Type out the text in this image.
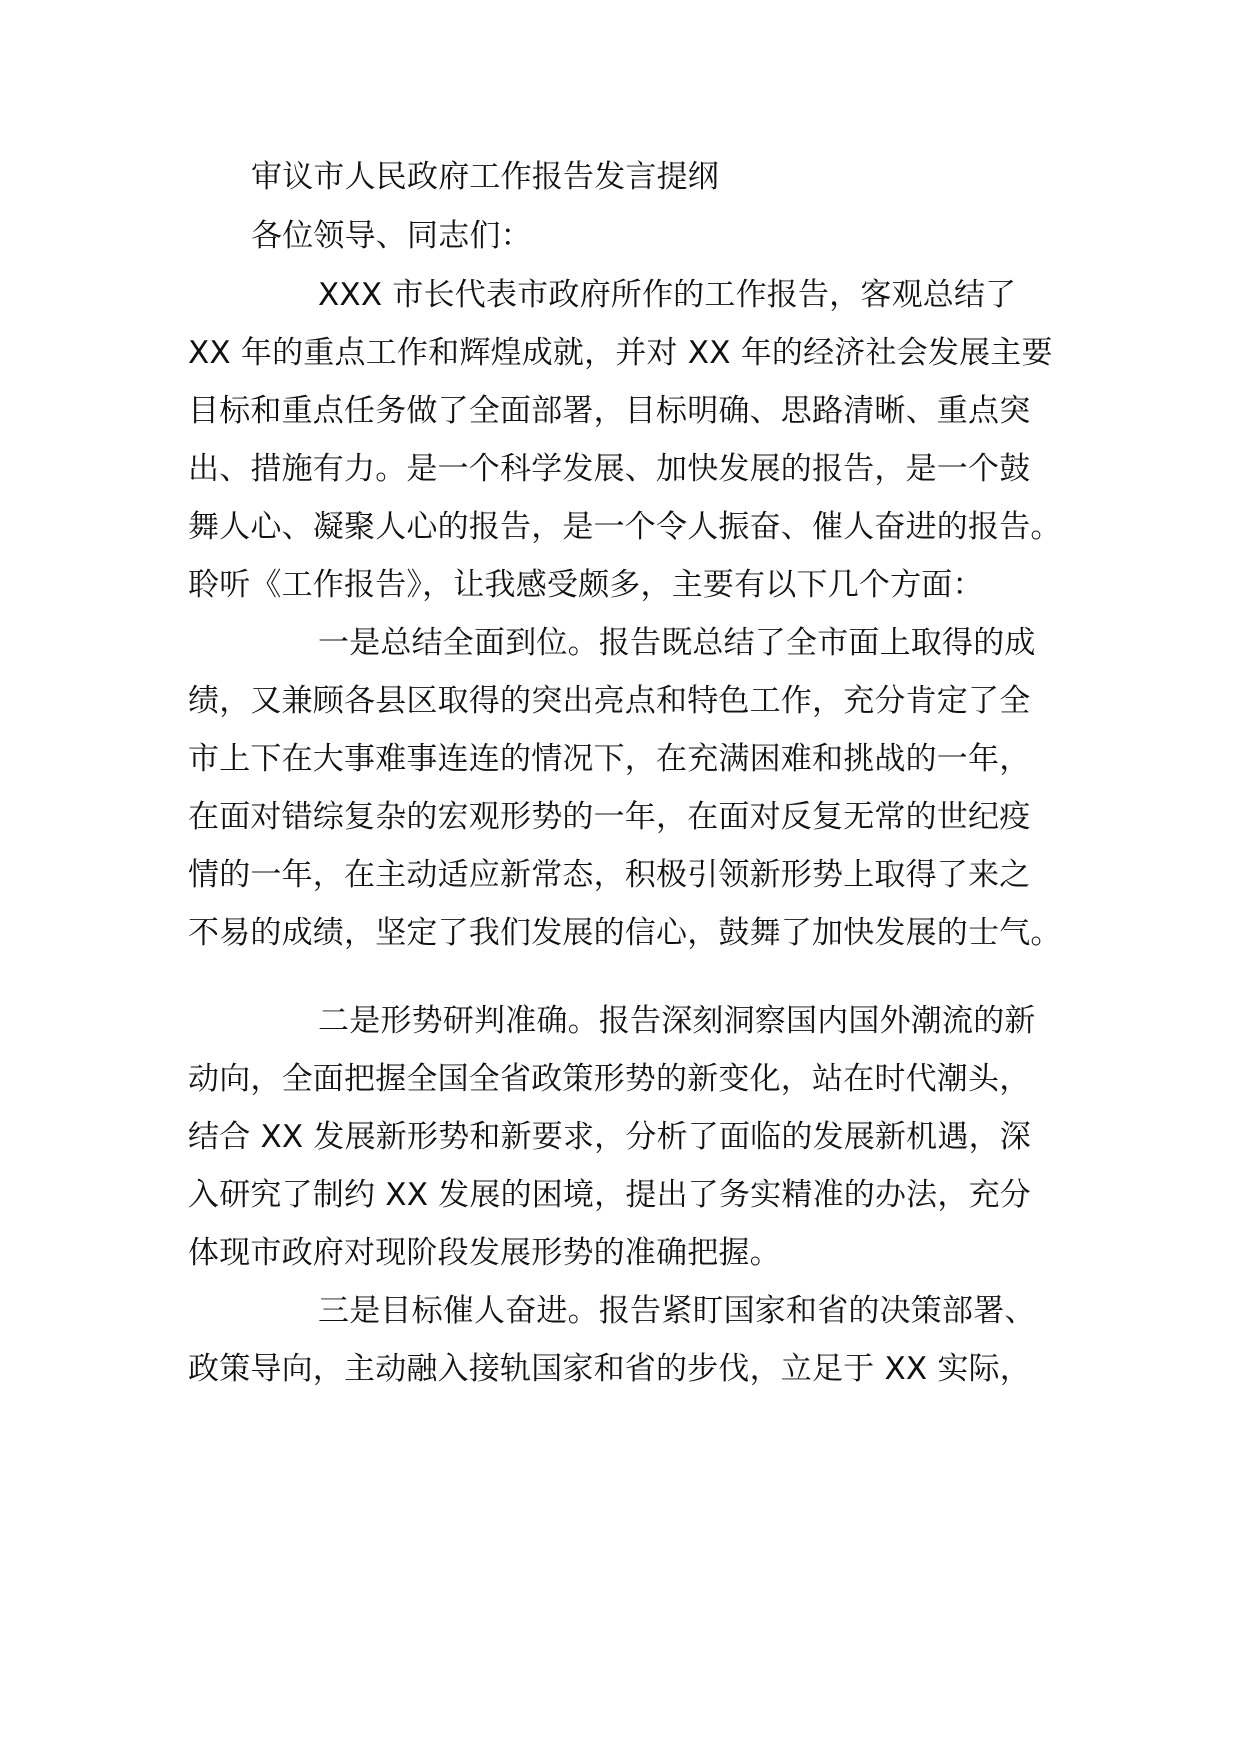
审议市人民政府工作报告发言提纲
各位领导、同志们：
XXX 市长代表市政府所作的工作报告，客观总结了
XX 年的重点工作和辉煌成就，并对 XX 年的经济社会发展主要
目标和重点任务做了全面部署，目标明确、思路清晰、重点突
出、措施有力。是一个科学发展、加快发展的报告，是一个鼓
舞人心、凝聚人心的报告，是一个令人振奋、催人奋进的报告。
聆听《工作报告》，让我感受颇多，主要有以下几个方面：
一是总结全面到位。报告既总结了全市面上取得的成
绩，又兼顾各县区取得的突出亮点和特色工作，充分肯定了全
市上下在大事难事连连的情况下，在充满困难和挑战的一年，
在面对错综复杂的宏观形势的一年，在面对反复无常的世纪疫
情的一年，在主动适应新常态，积极引领新形势上取得了来之
不易的成绩，坚定了我们发展的信心，鼓舞了加快发展的士气。
二是形势研判准确。报告深刻洞察国内国外潮流的新
动向，全面把握全国全省政策形势的新变化，站在时代潮头，
结合 XX 发展新形势和新要求，分析了面临的发展新机遇，深
入研究了制约 XX 发展的困境，提出了务实精准的办法，充分
体现市政府对现阶段发展形势的准确把握。
三是目标催人奋进。报告紧盯国家和省的决策部署、
政策导向，主动融入接轨国家和省的步伐，立足于 XX 实际，
